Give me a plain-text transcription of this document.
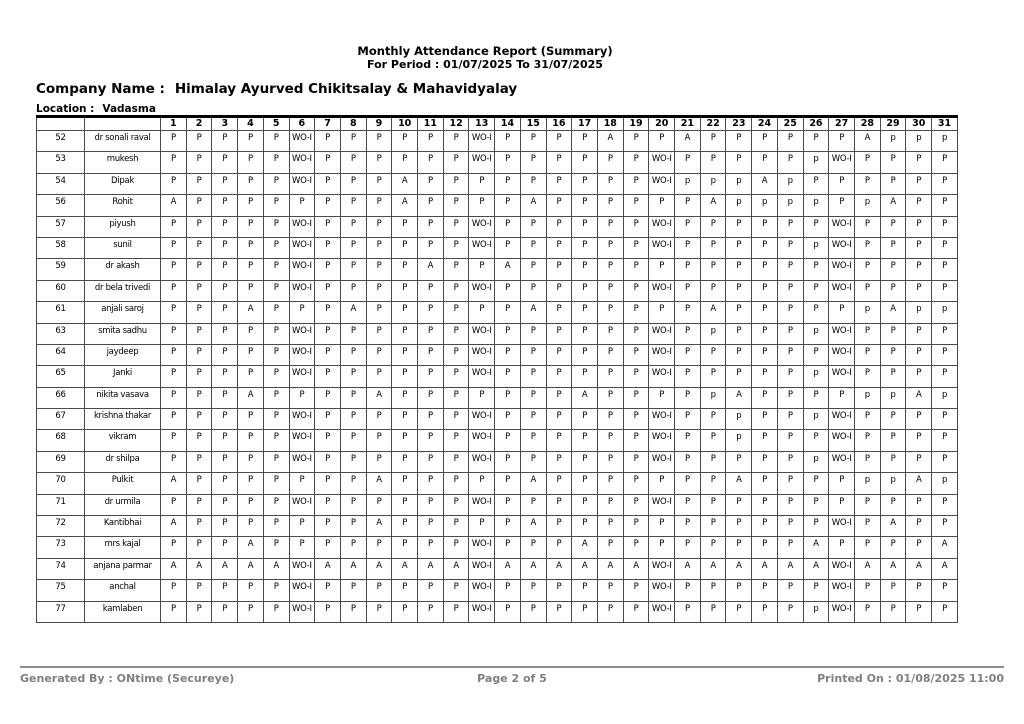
Monthly Attendance Report (Summary)
For Period : 01/07/2025 To 31/07/2025
Company Name : Himalay Ayurved Chikitsalay & Mahavidyalay
Location : Vadasma
		1	2	3	4	5	6	7	8	9	10	11	12	13	14	15	16	17	18	19	20	21	22	23	24	25	26	27	28	29	30	31
52	dr sonali raval	P	P	P	P	P	WO-I	P	P	P	P	P	P	WO-I	P	P	P	P	A	P	P	A	P	P	P	P	P	P	A	p	p	p
53	mukesh	P	P	P	P	P	WO-I	P	P	P	P	P	P	WO-I	P	P	P	P	P	P	WO-I	P	P	P	P	P	p	WO-I	P	P	P	P
54	Dipak	P	P	P	P	P	WO-I	P	P	P	A	P	P	P	P	P	P	P	P	P	WO-I	p	p	p	A	p	P	P	P	P	P	P
56	Rohit	A	P	P	P	P	P	P	P	P	A	P	P	P	P	A	P	P	P	P	P	P	A	p	p	p	p	P	p	A	P	P
57	piyush	P	P	P	P	P	WO-I	P	P	P	P	P	P	WO-I	P	P	P	P	P	P	WO-I	P	P	P	P	P	P	WO-I	P	P	P	P
58	sunil	P	P	P	P	P	WO-I	P	P	P	P	P	P	WO-I	P	P	P	P	P	P	WO-I	P	P	P	P	P	p	WO-I	P	P	P	P
59	dr akash	P	P	P	P	P	WO-I	P	P	P	P	A	P	P	A	P	P	P	P	P	P	P	P	P	P	P	P	WO-I	P	P	P	P
60	dr bela trivedi	P	P	P	P	P	WO-I	P	P	P	P	P	P	WO-I	P	P	P	P	P	P	WO-I	P	P	P	P	P	P	WO-I	P	P	P	P
61	anjali saroj	P	P	P	A	P	P	P	A	P	P	P	P	P	P	A	P	P	P	P	P	P	A	P	P	P	P	P	p	A	p	p
63	smita sadhu	P	P	P	P	P	WO-I	P	P	P	P	P	P	WO-I	P	P	P	P	P	P	WO-I	P	p	P	P	P	p	WO-I	P	P	P	P
64	jaydeep	P	P	P	P	P	WO-I	P	P	P	P	P	P	WO-I	P	P	P	P	P	P	WO-I	P	P	P	P	P	P	WO-I	P	P	P	P
65	Janki	P	P	P	P	P	WO-I	P	P	P	P	P	P	WO-I	P	P	P	P	P	P	WO-I	P	P	P	P	P	p	WO-I	P	P	P	P
66	nikita vasava	P	P	P	A	P	P	P	P	A	P	P	P	P	P	P	P	A	P	P	P	P	p	A	P	P	P	P	p	p	A	p
67	krishna thakar	P	P	P	P	P	WO-I	P	P	P	P	P	P	WO-I	P	P	P	P	P	P	WO-I	P	P	p	P	P	p	WO-I	P	P	P	P
68	vikram	P	P	P	P	P	WO-I	P	P	P	P	P	P	WO-I	P	P	P	P	P	P	WO-I	P	P	p	P	P	P	WO-I	P	P	P	P
69	dr shilpa	P	P	P	P	P	WO-I	P	P	P	P	P	P	WO-I	P	P	P	P	P	P	WO-I	P	P	P	P	P	p	WO-I	P	P	P	P
70	Pulkit	A	P	P	P	P	P	P	P	A	P	P	P	P	P	A	P	P	P	P	P	P	P	A	P	P	P	P	p	p	A	p
71	dr urmila	P	P	P	P	P	WO-I	P	P	P	P	P	P	WO-I	P	P	P	P	P	P	WO-I	P	P	P	P	P	P	P	P	P	P	P
72	Kantibhai	A	P	P	P	P	P	P	P	A	P	P	P	P	P	A	P	P	P	P	P	P	P	P	P	P	P	WO-I	P	A	P	P
73	mrs kajal	P	P	P	A	P	P	P	P	P	P	P	P	WO-I	P	P	P	A	P	P	P	P	P	P	P	P	A	P	P	P	P	A
74	anjana parmar	A	A	A	A	A	WO-I	A	A	A	A	A	A	WO-I	A	A	A	A	A	A	WO-I	A	A	A	A	A	A	WO-I	A	A	A	A
75	anchal	P	P	P	P	P	WO-I	P	P	P	P	P	P	WO-I	P	P	P	P	P	P	WO-I	P	P	P	P	P	P	WO-I	P	P	P	P
77	kamlaben	P	P	P	P	P	WO-I	P	P	P	P	P	P	WO-I	P	P	P	P	P	P	WO-I	P	P	P	P	P	p	WO-I	P	P	P	P
Page 2 of 5
Generated By : ONtime (Secureye)	Printed On : 01/08/2025 11:00
